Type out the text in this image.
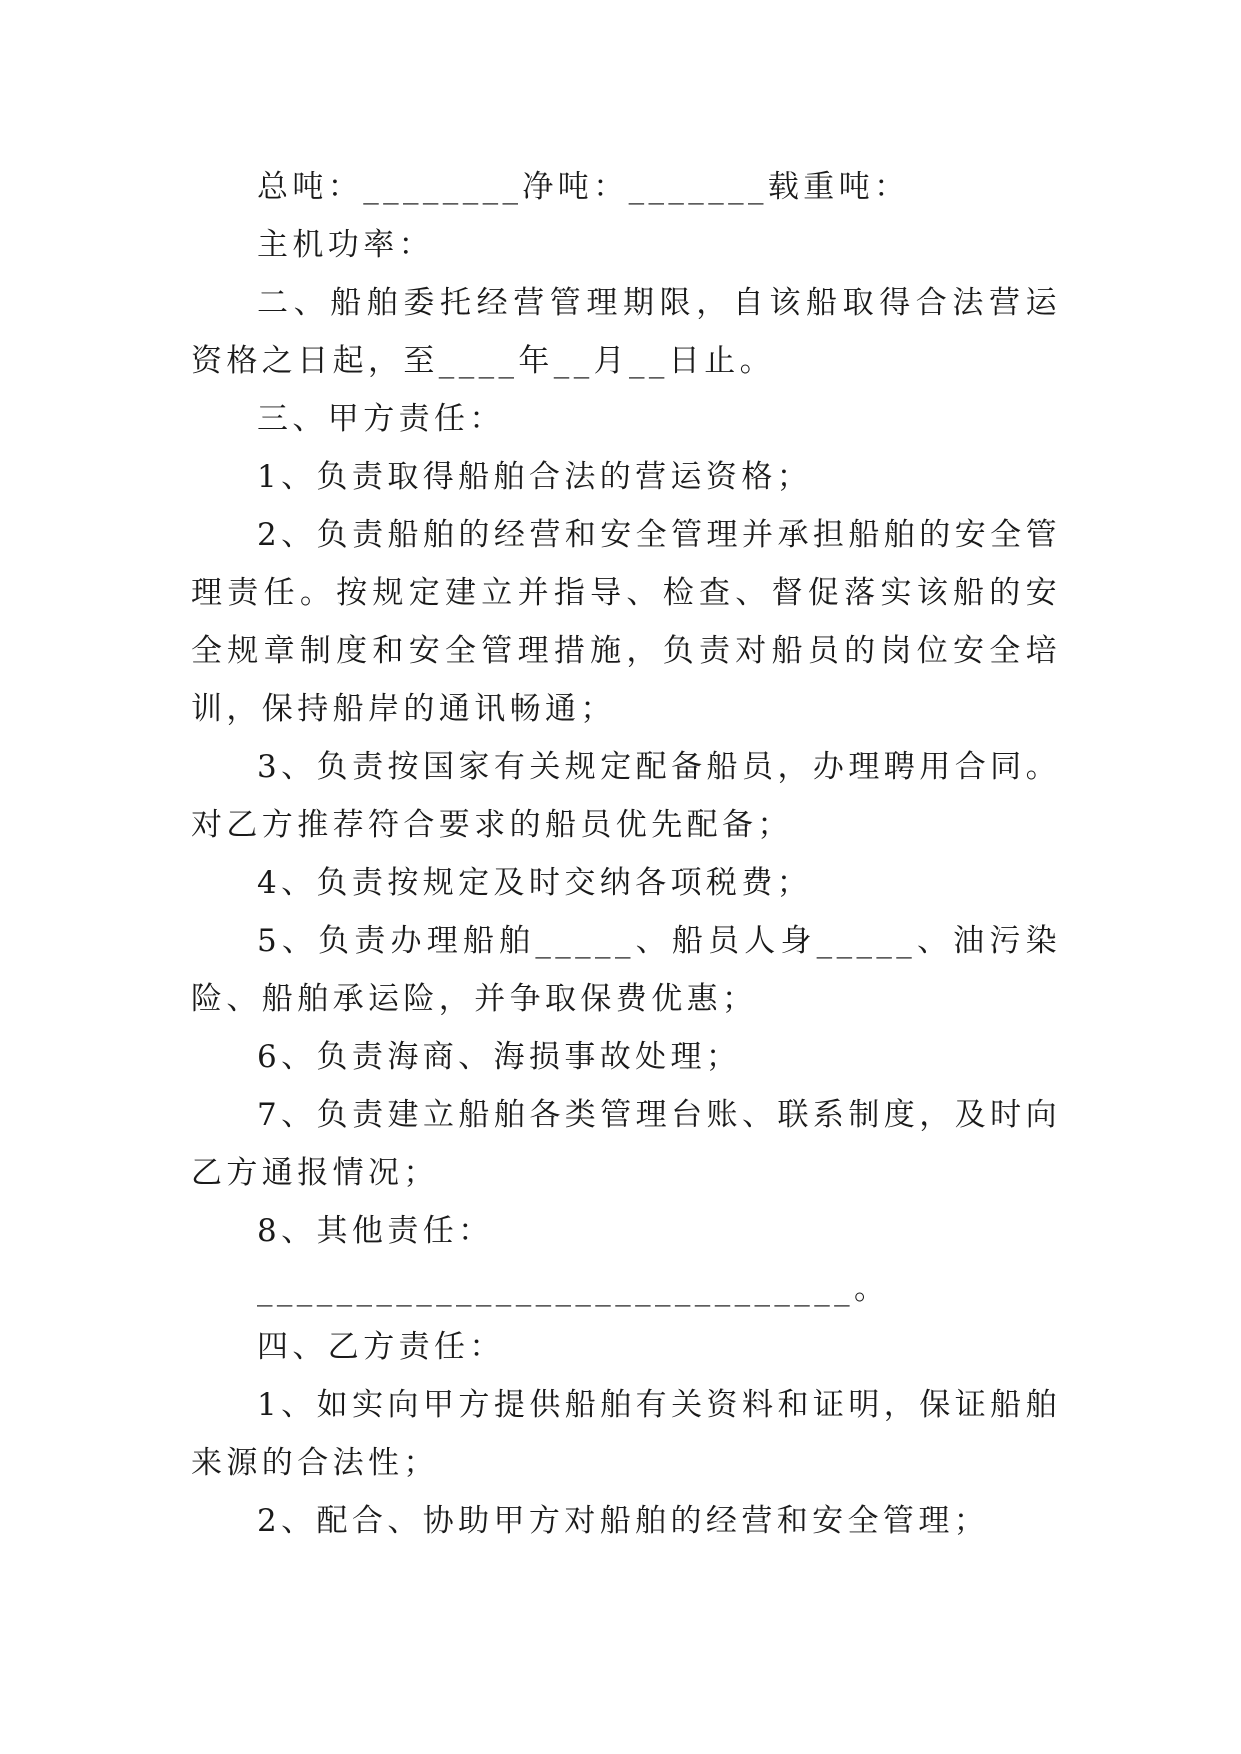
总吨：________净吨：_______载重吨：

主机功率：

二、船舶委托经营管理期限，自该船取得合法营运资格之日起，至____年__月__日止。

三、甲方责任：

1、负责取得船舶合法的营运资格；

2、负责船舶的经营和安全管理并承担船舶的安全管理责任。按规定建立并指导、检查、督促落实该船的安全规章制度和安全管理措施，负责对船员的岗位安全培训，保持船岸的通讯畅通；

3、负责按国家有关规定配备船员，办理聘用合同。对乙方推荐符合要求的船员优先配备；

4、负责按规定及时交纳各项税费；

5、负责办理船舶_____、船员人身_____、油污染险、船舶承运险，并争取保费优惠；

6、负责海商、海损事故处理；

7、负责建立船舶各类管理台账、联系制度，及时向乙方通报情况；

8、其他责任：

______________________________。

四、乙方责任：

1、如实向甲方提供船舶有关资料和证明，保证船舶来源的合法性；

2、配合、协助甲方对船舶的经营和安全管理；
